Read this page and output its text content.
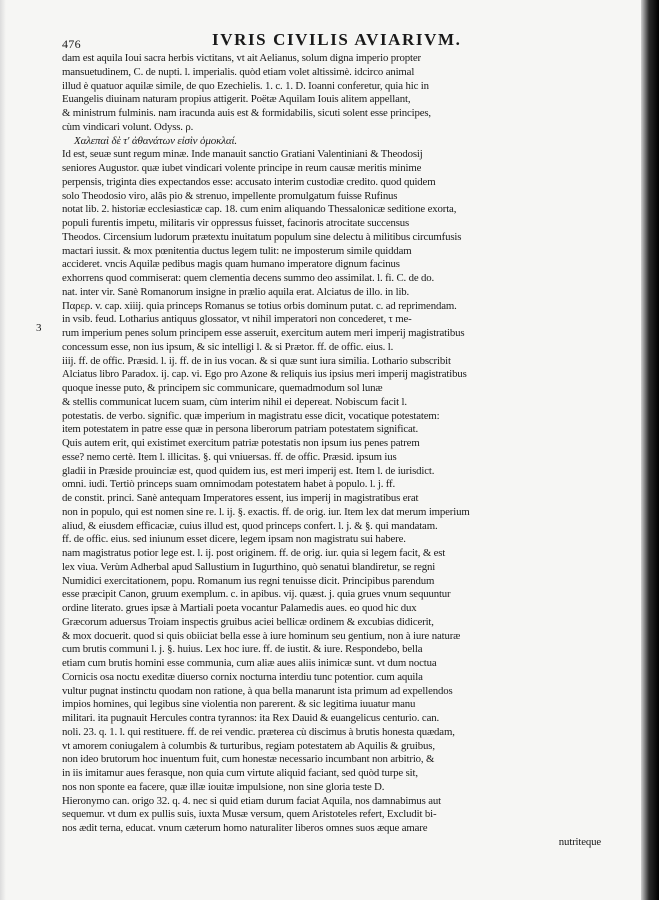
476	IVRIS CIVILIS AVIARIVM.
3
dam est aquila Ioui sacra herbis victitans, vt ait Aelianus, solum digna imperio propter
mansuetudinem, C. de nupti. l. imperialis. quòd etiam volet altissimè. idcirco animal
illud è quatuor aquilæ simile, de quo Ezechielis. 1. c. 1. D. Ioanni conferetur, quia hic in
Euangelis diuinam naturam propius attigerit. Poëtæ Aquilam Iouis alitem appellant,
& ministrum fulminis. nam iracunda auis est & formidabilis, sicuti solent esse principes,
cùm vindicari volunt. Odyss. ρ.
Χαλεπαὶ δὲ τ' ἀθανάτων εἰσὶν ὁμοκλαί.
Id est, seuæ sunt regum minæ. Inde manauit sanctio Gratiani Valentiniani & Theodosij
seniores Augustor. quæ iubet vindicari volente principe in reum causæ meritis minime
perpensis, triginta dies expectandos esse: accusato interim custodiæ credito. quod quidem
solo Theodosio viro, alâs pio & strenuo, impellente promulgatum fuisse Rufinus
notat lib. 2. historiæ ecclesiasticæ cap. 18. cum enim aliquando Thessalonicæ seditione exorta,
populi furentis impetu, militaris vir oppressus fuisset, facinoris atrocitate succensus
Theodos. Circensium ludorum prætextu inuitatum populum sine delectu à militibus circumfusis
mactari iussit. & mox pœnitentia ductus legem tulit: ne imposterum simile quiddam
accideret. vncis Aquilæ pedibus magis quam humano imperatore dignum facinus
exhorrens quod commiserat: quem clementia decens summo deo assimilat. l. fi. C. de do.
nat. inter vir. Sanè Romanorum insigne in prælio aquila erat. Alciatus de illo. in lib.
Παρερ. v. cap. xiiij. quia princeps Romanus se totius orbis dominum putat. c. ad reprimendam.
in vsib. feud. Lotharius antiquus glossator, vt nihil imperatori non concederet, τ me-
rum imperium penes solum principem esse asseruit, exercitum autem meri imperij magistratibus
concessum esse, non ius ipsum, & sic intelligi l. & si Prætor. ff. de offic. eius. l.
iiij. ff. de offic. Præsid. l. ij. ff. de in ius vocan. & si quæ sunt iura similia. Lothario subscribit
Alciatus libro Paradox. ij. cap. vi. Ego pro Azone & reliquis ius ipsius meri imperij magistratibus
quoque inesse puto, & principem sic communicare, quemadmodum sol lunæ
& stellis communicat lucem suam, cùm interim nihil ei depereat. Nobiscum facit l.
potestatis. de verbo. signific. quæ imperium in magistratu esse dicit, vocatique potestatem:
item potestatem in patre esse quæ in persona liberorum patriam potestatem significat.
Quis autem erit, qui existimet exercitum patriæ potestatis non ipsum ius penes patrem
esse? nemo certè. Item l. illicitas. §. qui vniuersas. ff. de offic. Præsid. ipsum ius
gladii in Præside prouinciæ est, quod quidem ius, est meri imperij est. Item l. de iurisdict.
omni. iudi. Tertiò princeps suam omnimodam potestatem habet à populo. l. j. ff.
de constit. princi. Sanè antequam Imperatores essent, ius imperij in magistratibus erat
non in populo, qui est nomen sine re. l. ij. §. exactis. ff. de orig. iur. Item lex dat merum imperium
aliud, & eiusdem efficaciæ, cuius illud est, quod princeps confert. l. j. & §. qui mandatam.
ff. de offic. eius. sed iniunum esset dicere, legem ipsam non magistratu sui habere.
nam magistratus potior lege est. l. ij. post originem. ff. de orig. iur. quia si legem facit, & est
lex viua. Verùm Adherbal apud Sallustium in Iugurthino, quò senatui blandiretur, se regni
Numidici exercitationem, popu. Romanum ius regni tenuisse dicit. Principibus parendum
esse præcipit Canon, gruum exemplum. c. in apibus. vij. quæst. j. quia grues vnum sequuntur
ordine literato. grues ipsæ à Martiali poeta vocantur Palamedis aues. eo quod hic dux
Græcorum aduersus Troiam inspectis gruibus aciei bellicæ ordinem & excubias didicerit,
& mox docuerit. quod si quis obiiciat bella esse à iure hominum seu gentium, non à iure naturæ
cum brutis communi l. j. §. huius. Lex hoc iure. ff. de iustit. & iure. Respondebo, bella
etiam cum brutis homini esse communia, cum aliæ aues aliis inimicæ sunt. vt dum noctua
Cornicis osa noctu exeditæ diuerso cornix nocturna interdiu tunc potentior. cum aquila
vultur pugnat instinctu quodam non ratione, à qua bella manarunt ista primum ad expellendos
impios homines, qui legibus sine violentia non parerent. & sic legitima iuuatur manu
militari. ita pugnauit Hercules contra tyrannos: ita Rex Dauid & euangelicus centurio. can.
noli. 23. q. 1. l. qui restituere. ff. de rei vendic. præterea cù discimus à brutis honesta quædam,
vt amorem coniugalem à columbis & turturibus, regiam potestatem ab Aquilis & gruibus,
non ideo brutorum hoc inuentum fuit, cum honestæ necessario incumbant non arbitrio, &
in iis imitamur aues ferasque, non quia cum virtute aliquid faciant, sed quòd turpe sit,
nos non sponte ea facere, quæ illæ iouitæ impulsione, non sine gloria teste D.
Hieronymo can. origo 32. q. 4. nec si quid etiam durum faciat Aquila, nos damnabimus aut
sequemur. vt dum ex pullis suis, iuxta Musæ versum, quem Aristoteles refert, Excludit bi-
nos ædit terna, educat. vnum cæterum homo naturaliter liberos omnes suos æque amare
nutriteque
